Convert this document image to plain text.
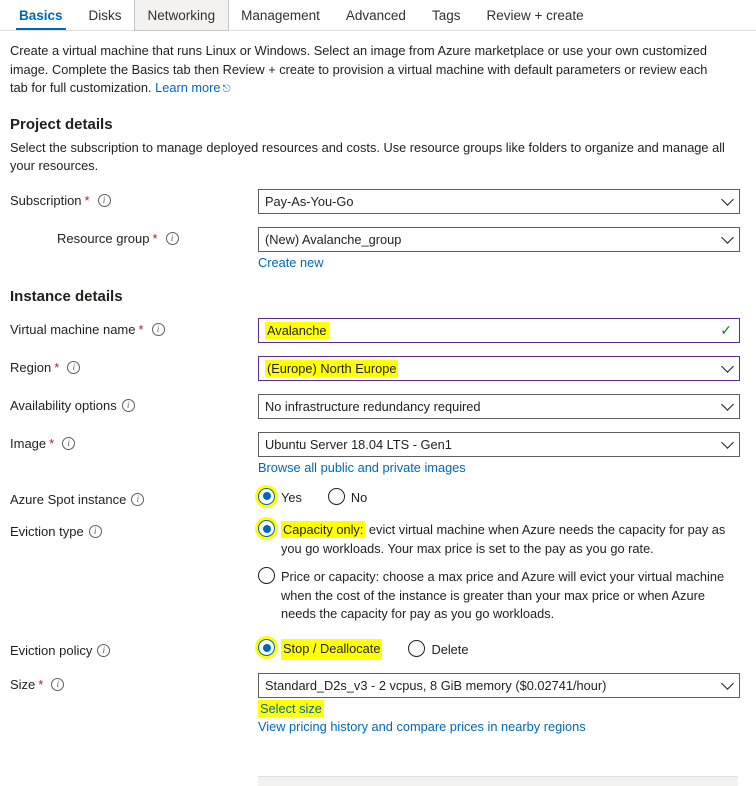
Basics Disks Networking Management Advanced Tags Review + create
Create a virtual machine that runs Linux or Windows. Select an image from Azure marketplace or use your own customized image. Complete the Basics tab then Review + create to provision a virtual machine with default parameters or review each tab for full customization. Learn more ⎋
Project details
Select the subscription to manage deployed resources and costs. Use resource groups like folders to organize and manage all your resources.
Subscription *	i	Pay-As-You-Go
Resource group *	i	(New) Avalanche_group
Create new
Instance details
Virtual machine name *	i	Avalanche	✓
Region *	i	(Europe) North Europe
Availability options	i	No infrastructure redundancy required
Image *	i	Ubuntu Server 18.04 LTS - Gen1
Browse all public and private images
Azure Spot instance	i	Yes	No
Eviction type	i	Capacity only: evict virtual machine when Azure needs the capacity for pay as you go workloads. Your max price is set to the pay as you go rate.
Price or capacity: choose a max price and Azure will evict your virtual machine when the cost of the instance is greater than your max price or when Azure needs the capacity for pay as you go workloads.
Eviction policy	i	Stop / Deallocate	Delete
Size *	i	Standard_D2s_v3 - 2 vcpus, 8 GiB memory ($0.02741/hour)
Select size
View pricing history and compare prices in nearby regions
